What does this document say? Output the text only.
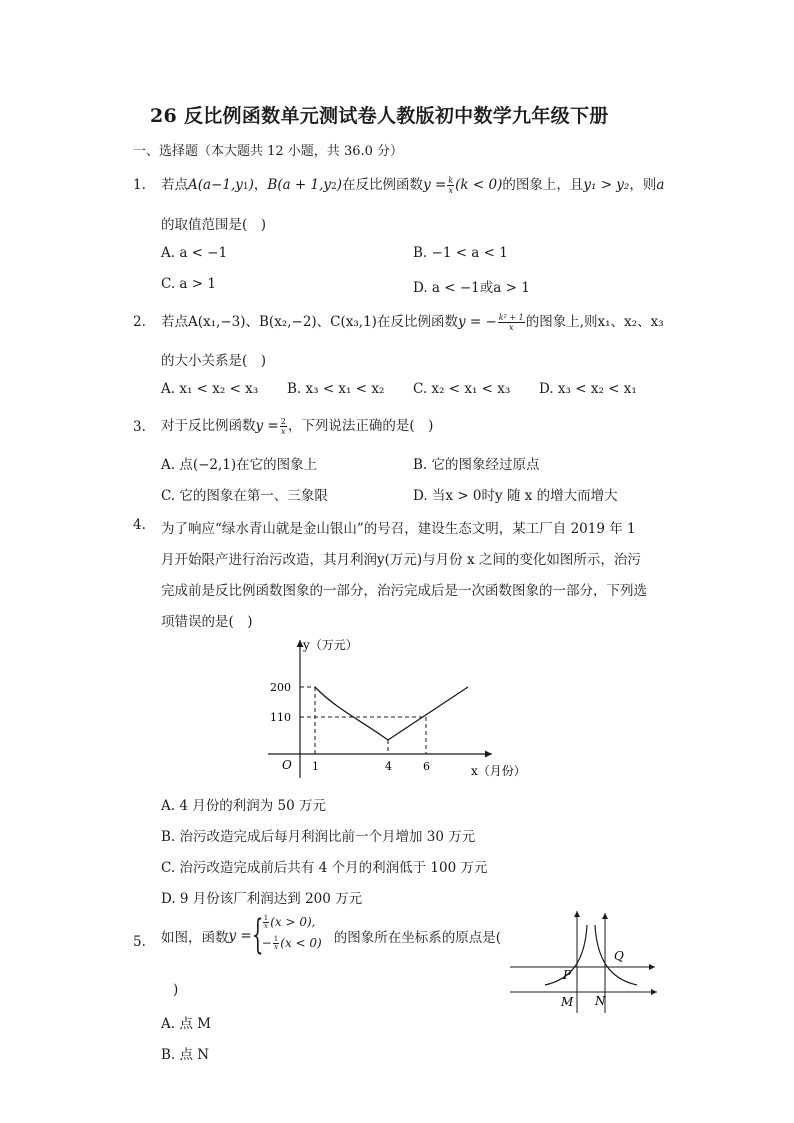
26 反比例函数单元测试卷人教版初中数学九年级下册
一、选择题（本大题共 12 小题，共 36.0 分）
1. 若点A(a−1,y1)，B(a + 1,y2)在反比例函数$y = \frac{k}{x} (k < 0)$的图象上，且y₁ > y₂，则a
的取值范围是(　)
A. a < −1	B. −1 < a < 1
C. a > 1	D. a < −1或a > 1
2. 若点A(x₁,−3)、B(x₂,−2)、C(x₃,1)在反比例函数y = − $\frac{\text{k² + 1}}{x}$ 的图象上,则x₁、x₂、x₃
的大小关系是(　)
A. x₁ < x₂ < x₃ B. x₃ < x₁ < x₂ C. x₂ < x₁ < x₃ D. x₃ < x₂ < x₁
3. 对于反比例函数$y = \frac{2}{x}$ ，下列说法正确的是(　)
A. 点(−2,1)在它的图象上	B. 它的图象经过原点
C. 它的图象在第一、三象限	D. 当x > 0时y 随 x 的增大而增大
4. 为了响应“绿水青山就是金山银山”的号召，建设生态文明，某工厂自 2019 年 1
月开始限产进行治污改造，其月利润y(万元)与月份 x 之间的变化如图所示，治污
完成前是反比例函数图象的一部分，治污完成后是一次函数图象的一部分，下列选
项错误的是(　)
y（万元）
x（月份）
O
200
110
1	4	6
A. 4 月份的利润为 50 万元
B. 治污改造完成后每月利润比前一个月增加 30 万元
C. 治污改造完成前后共有 4 个月的利润低于 100 万元
D. 9 月份该厂利润达到 200 万元
5. 如图，函数y = { $\frac{1}{x} (x > 0)$,
− $\frac{1}{x} (x < 0)$ 的图象所在坐标系的原点是(
)
A. 点 M
B. 点 N
P
Q
M N
